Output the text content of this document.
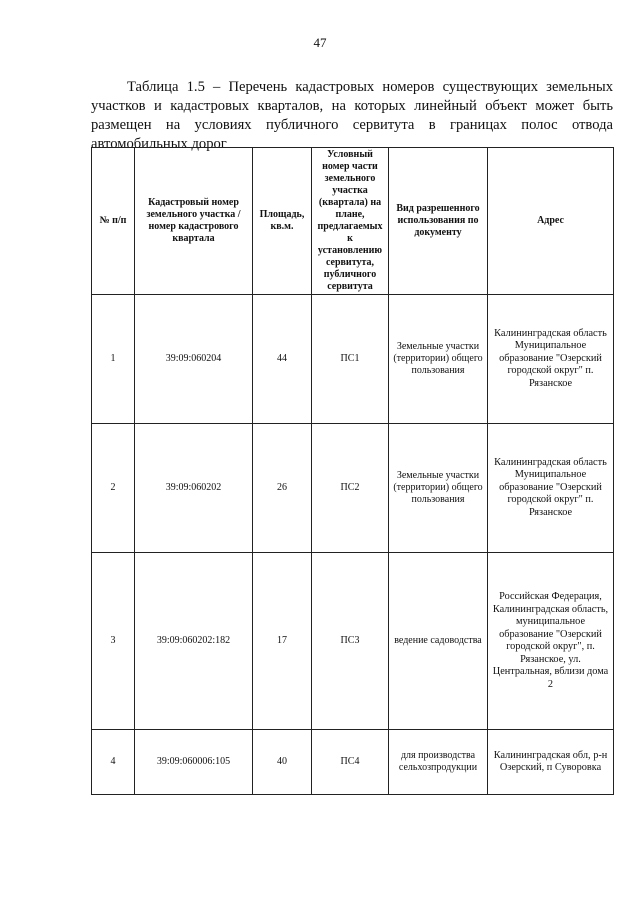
47

Таблица 1.5 – Перечень кадастровых номеров существующих земельных участков и кадастровых кварталов, на которых линейный объект может быть размещен на условиях публичного сервитута в границах полос отвода автомобильных дорог

№ п/п	Кадастровый номер земельного участка /номер кадастрового квартала	Площадь, кв.м.	Условный номер части земельного участка (квартала) на плане, предлагаемых к установлению сервитута, публичного сервитута	Вид разрешенного использования по документу	Адрес
1	39:09:060204	44	ПС1	Земельные участки (территории) общего пользования	Калининградская область Муниципальное образование "Озерский городской округ" п. Рязанское

2	39:09:060202	26	ПС2	Земельные участки (территории) общего пользования	Калининградская область Муниципальное образование "Озерский городской округ" п. Рязанское

3	39:09:060202:182	17	ПС3	ведение садоводства	Российская Федерация, Калининградская область, муниципальное образование "Озерский городской округ", п. Рязанское, ул. Центральная, вблизи дома 2

4	39:09:060006:105	40	ПС4	для производства сельхозпродукции	Калининградская обл, р-н Озерский, п Суворовка
